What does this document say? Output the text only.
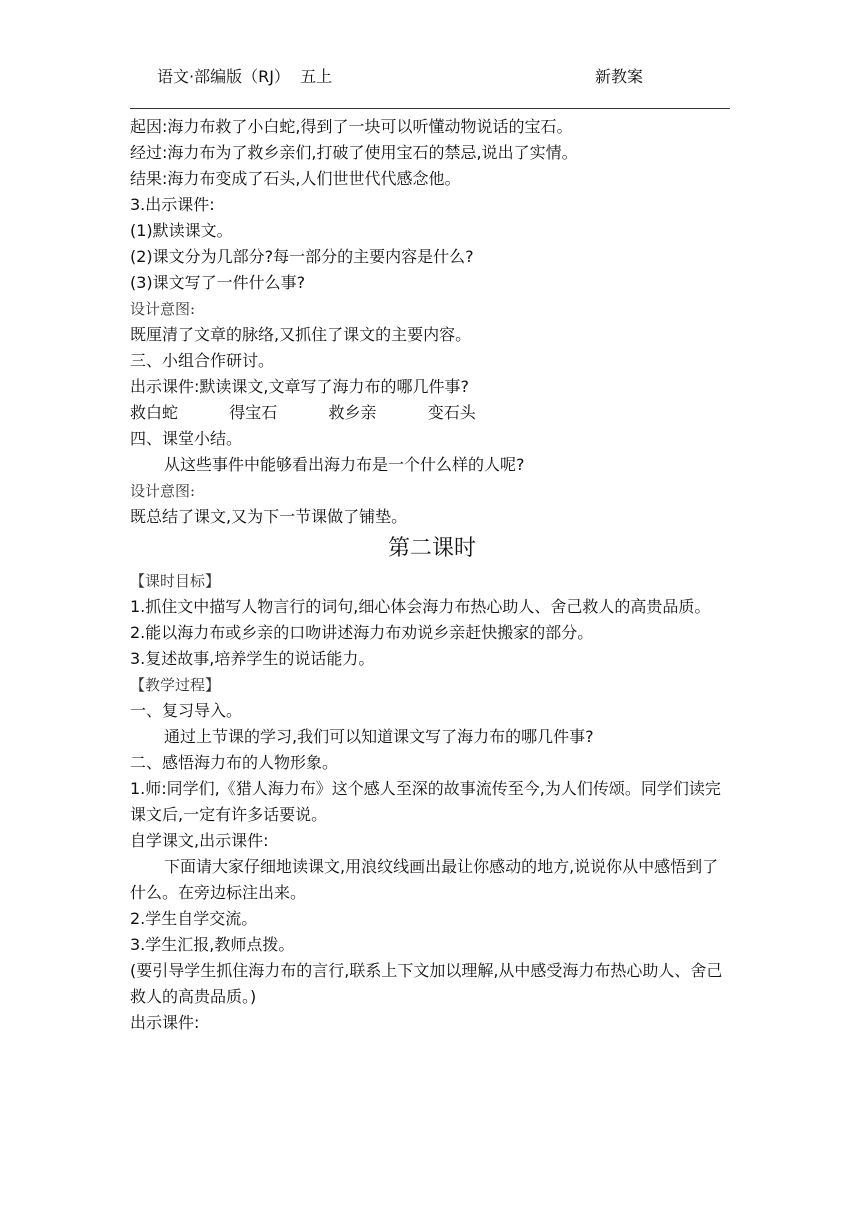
语文·部编版（RJ）  五上	新教案
起因:海力布救了小白蛇,得到了一块可以听懂动物说话的宝石。
经过:海力布为了救乡亲们,打破了使用宝石的禁忌,说出了实情。
结果:海力布变成了石头,人们世世代代感念他。
3.出示课件:
(1)默读课文。
(2)课文分为几部分?每一部分的主要内容是什么?
(3)课文写了一件什么事?
设计意图:
既厘清了文章的脉络,又抓住了课文的主要内容。
三、小组合作研讨。
出示课件:默读课文,文章写了海力布的哪几件事?
救白蛇   得宝石   救乡亲   变石头
四、课堂小结。
从这些事件中能够看出海力布是一个什么样的人呢?
设计意图:
既总结了课文,又为下一节课做了铺垫。
第二课时
【课时目标】
1.抓住文中描写人物言行的词句,细心体会海力布热心助人、舍己救人的高贵品质。
2.能以海力布或乡亲的口吻讲述海力布劝说乡亲赶快搬家的部分。
3.复述故事,培养学生的说话能力。
【教学过程】
一、复习导入。
通过上节课的学习,我们可以知道课文写了海力布的哪几件事?
二、感悟海力布的人物形象。
1.师:同学们,《猎人海力布》这个感人至深的故事流传至今,为人们传颂。同学们读完课文后,一定有许多话要说。
自学课文,出示课件:
下面请大家仔细地读课文,用浪纹线画出最让你感动的地方,说说你从中感悟到了什么。在旁边标注出来。
2.学生自学交流。
3.学生汇报,教师点拨。
(要引导学生抓住海力布的言行,联系上下文加以理解,从中感受海力布热心助人、舍己救人的高贵品质。)
出示课件:
